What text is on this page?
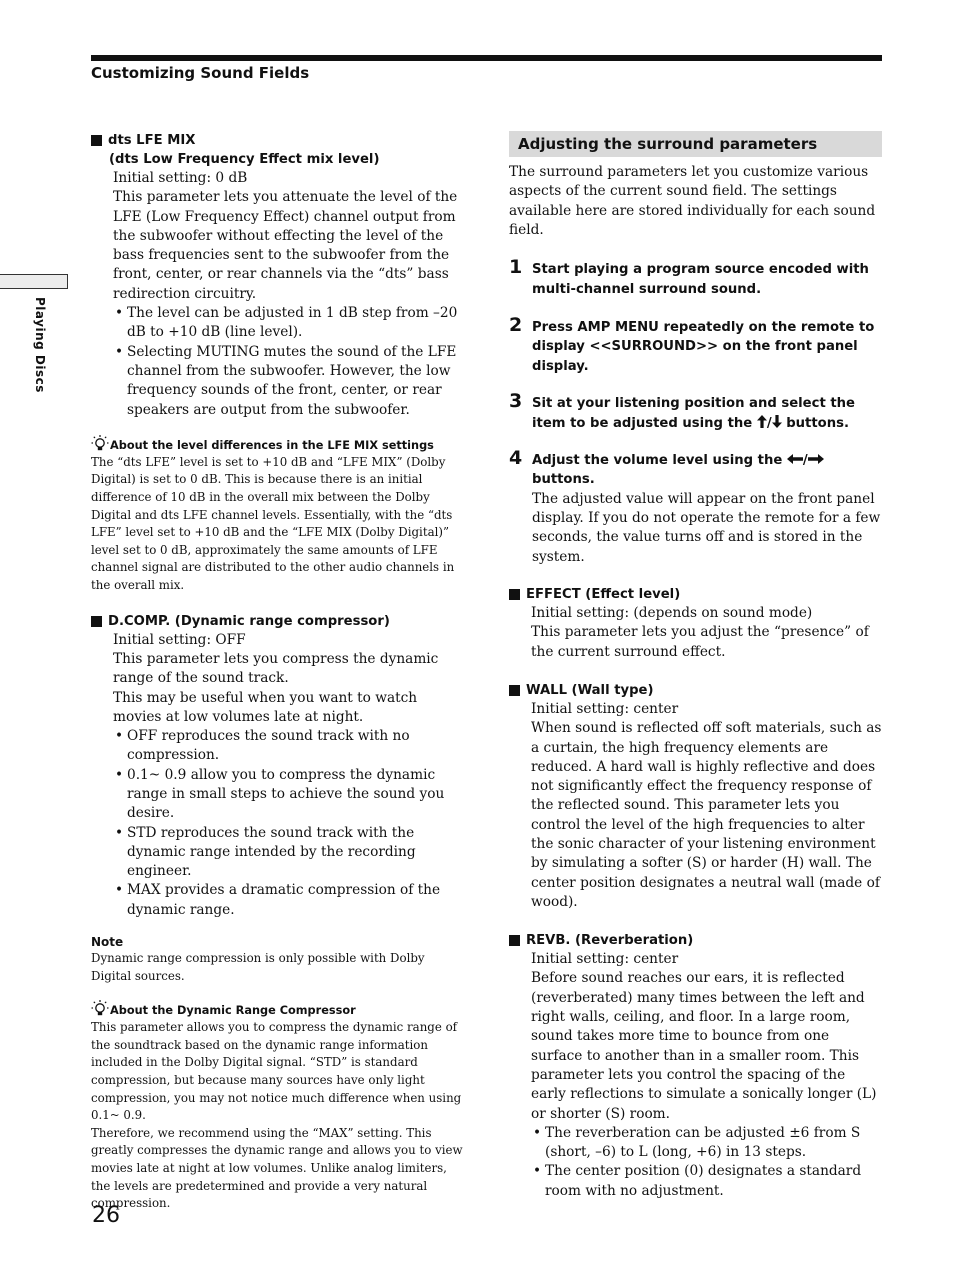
Customizing Sound Fields
Playing Discs
dts LFE MIX
(dts Low Frequency Effect mix level)

Initial setting: 0 dB

This parameter lets you attenuate the level of the LFE (Low Frequency Effect) channel output from the subwoofer without effecting the level of the bass frequencies sent to the subwoofer from the front, center, or rear channels via the “dts” bass redirection circuitry.

• The level can be adjusted in 1 dB step from –20 dB to +10 dB (line level).
• Selecting MUTING mutes the sound of the LFE channel from the subwoofer. However, the low frequency sounds of the front, center, or rear speakers are output from the subwoofer.
About the level differences in the LFE MIX settings

The “dts LFE” level is set to +10 dB and “LFE MIX” (Dolby Digital) is set to 0 dB. This is because there is an initial difference of 10 dB in the overall mix between the Dolby Digital and dts LFE channel levels. Essentially, with the “dts LFE” level set to +10 dB and the “LFE MIX (Dolby Digital)” level set to 0 dB, approximately the same amounts of LFE channel signal are distributed to the other audio channels in the overall mix.

D.COMP. (Dynamic range compressor)

Initial setting: OFF

This parameter lets you compress the dynamic range of the sound track.

This may be useful when you want to watch movies at low volumes late at night.

• OFF reproduces the sound track with no compression.
• 0.1~ 0.9 allow you to compress the dynamic range in small steps to achieve the sound you desire.
• STD reproduces the sound track with the dynamic range intended by the recording engineer.
• MAX provides a dramatic compression of the dynamic range.
Note

Dynamic range compression is only possible with Dolby Digital sources.

About the Dynamic Range Compressor

This parameter allows you to compress the dynamic range of the soundtrack based on the dynamic range information included in the Dolby Digital signal. “STD” is standard compression, but because many sources have only light compression, you may not notice much difference when using 0.1~ 0.9.

Therefore, we recommend using the “MAX” setting. This greatly compresses the dynamic range and allows you to view movies late at night at low volumes. Unlike analog limiters, the levels are predetermined and provide a very natural compression.

Adjusting the surround parameters

The surround parameters let you customize various aspects of the current sound field. The settings available here are stored individually for each sound field.

1 Start playing a program source encoded with multi-channel surround sound.
2 Press AMP MENU repeatedly on the remote to display <<SURROUND>> on the front panel display.
3 Sit at your listening position and select the item to be adjusted using the / buttons.
4 Adjust the volume level using the / buttons.

The adjusted value will appear on the front panel display. If you do not operate the remote for a few seconds, the value turns off and is stored in the system.

EFFECT (Effect level)

Initial setting: (depends on sound mode)

This parameter lets you adjust the “presence” of the current surround effect.

WALL (Wall type)

Initial setting: center

When sound is reflected off soft materials, such as a curtain, the high frequency elements are reduced. A hard wall is highly reflective and does not significantly effect the frequency response of the reflected sound. This parameter lets you control the level of the high frequencies to alter the sonic character of your listening environment by simulating a softer (S) or harder (H) wall. The center position designates a neutral wall (made of wood).

REVB. (Reverberation)

Initial setting: center

Before sound reaches our ears, it is reflected (reverberated) many times between the left and right walls, ceiling, and floor. In a large room, sound takes more time to bounce from one surface to another than in a smaller room. This parameter lets you control the spacing of the early reflections to simulate a sonically longer (L) or shorter (S) room.

• The reverberation can be adjusted ±6 from S (short, –6) to L (long, +6) in 13 steps.
• The center position (0) designates a standard room with no adjustment.
26
